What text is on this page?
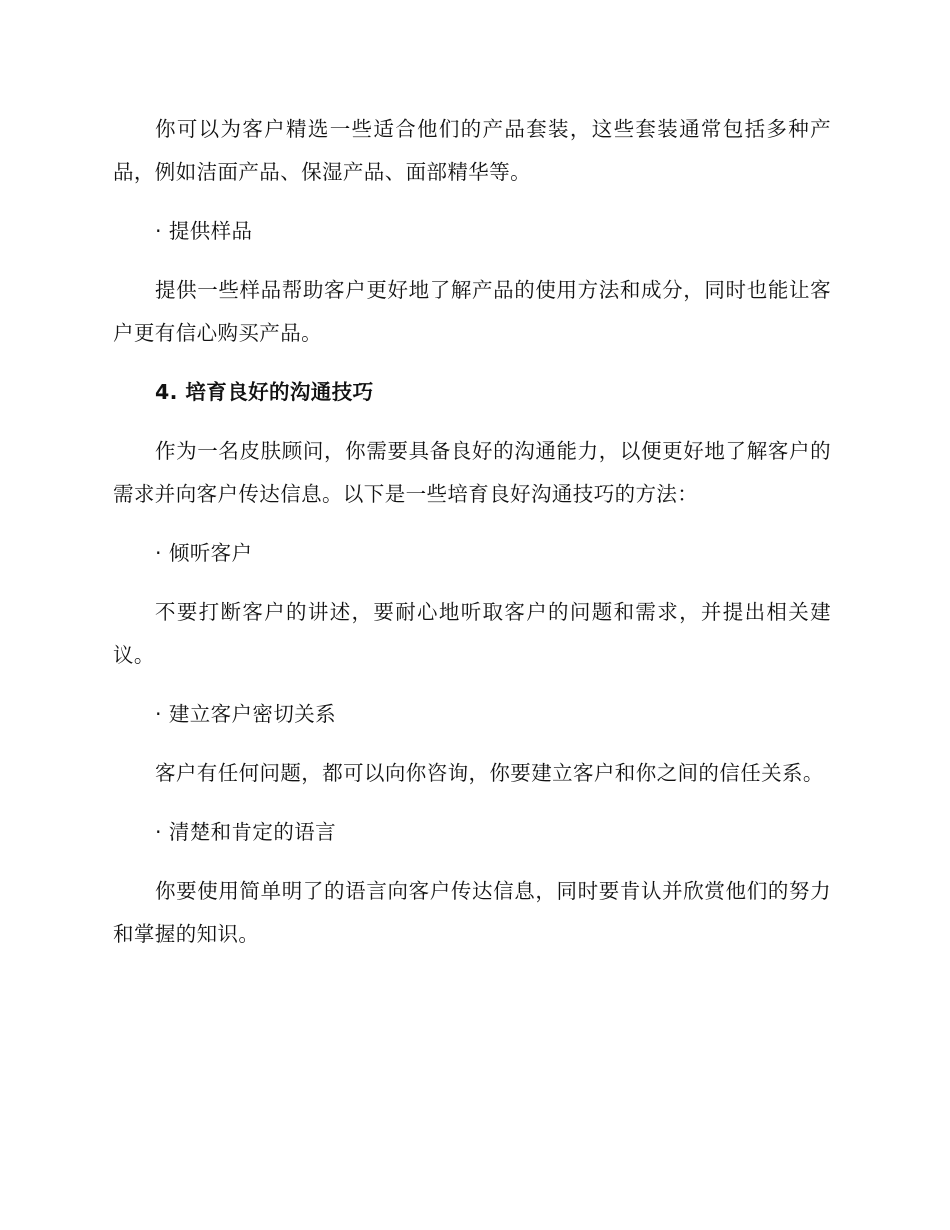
你可以为客户精选一些适合他们的产品套装，这些套装通常包括多种产品，例如洁面产品、保湿产品、面部精华等。

· 提供样品

提供一些样品帮助客户更好地了解产品的使用方法和成分，同时也能让客户更有信心购买产品。

4. 培育良好的沟通技巧

作为一名皮肤顾问，你需要具备良好的沟通能力，以便更好地了解客户的需求并向客户传达信息。以下是一些培育良好沟通技巧的方法：

· 倾听客户

不要打断客户的讲述，要耐心地听取客户的问题和需求，并提出相关建议。

· 建立客户密切关系

客户有任何问题，都可以向你咨询，你要建立客户和你之间的信任关系。

· 清楚和肯定的语言

你要使用简单明了的语言向客户传达信息，同时要肯认并欣赏他们的努力和掌握的知识。
